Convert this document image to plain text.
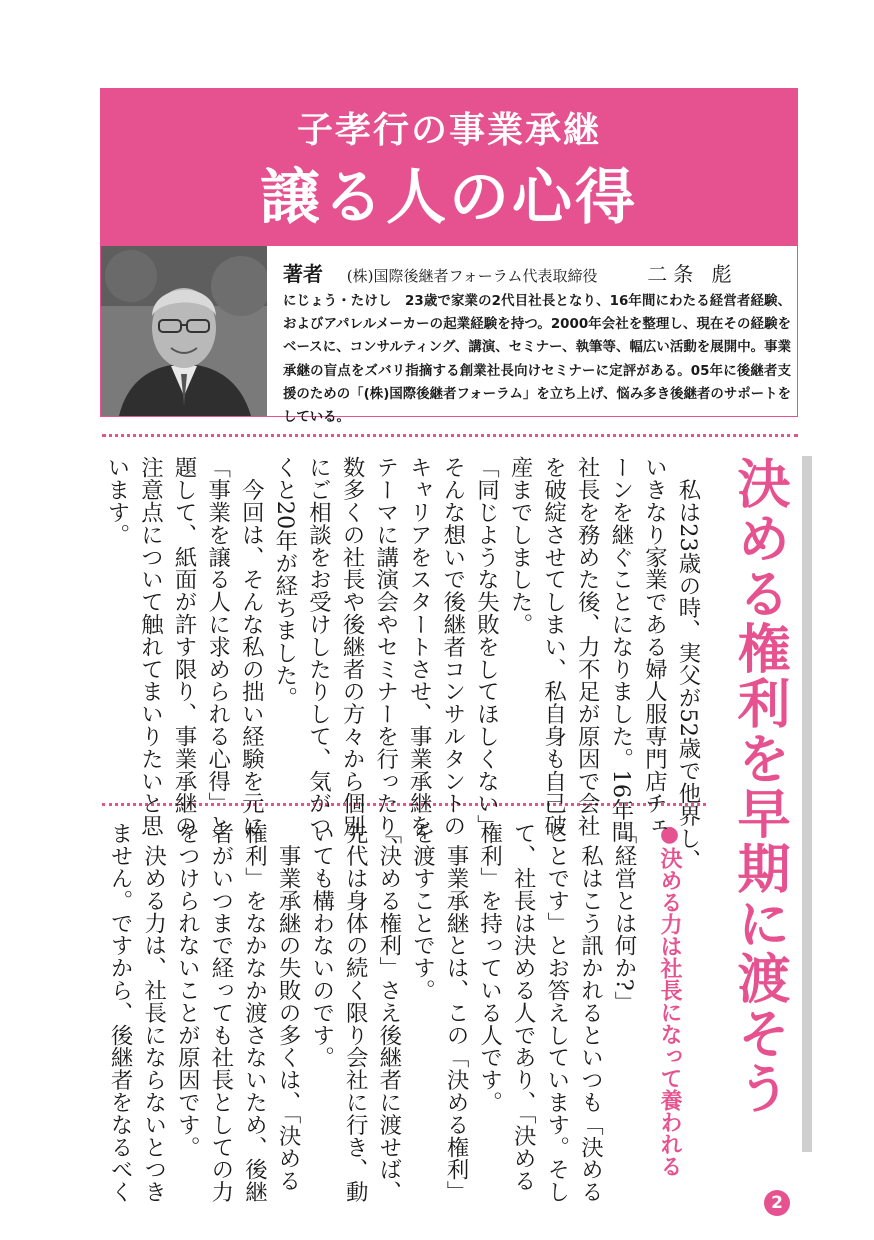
子孝行の事業承継
譲る人の心得
著者 (株)国際後継者フォーラム代表取締役 二条 彪
にじょう・たけし　23歳で家業の2代目社長となり、16年間にわたる経営者経験、およびアパレルメーカーの起業経験を持つ。2000年会社を整理し、現在その経験をベースに、コンサルティング、講演、セミナー、執筆等、幅広い活動を展開中。事業承継の盲点をズバリ指摘する創業社長向けセミナーに定評がある。05年に後継者支援のための「(株)国際後継者フォーラム」を立ち上げ、悩み多き後継者のサポートをしている。
決める権利を早期に渡そう
●決める力は社長になって養われる

　私は23歳の時、実父が52歳で他界し、

いきなり家業である婦人服専門店チェ

ーンを継ぐことになりました。16年間

社長を務めた後、力不足が原因で会社

を破綻させてしまい、私自身も自己破

産までしました。

「同じような失敗をしてほしくない」

そんな想いで後継者コンサルタントの

キャリアをスタートさせ、事業承継を

テーマに講演会やセミナーを行ったり、

数多くの社長や後継者の方々から個別

にご相談をお受けしたりして、気がつ

くと20年が経ちました。

　今回は、そんな私の拙い経験を元に

「事業を譲る人に求められる心得」と

題して、紙面が許す限り、事業承継の

注意点について触れてまいりたいと思

います。

「経営とは何か?」

　私はこう訊かれるといつも「決める

ことです」とお答えしています。そし

て、社長は決める人であり、「決める

権利」を持っている人です。

　事業承継とは、この「決める権利」

を渡すことです。

「決める権利」さえ後継者に渡せば、

先代は身体の続く限り会社に行き、動

いても構わないのです。

　事業承継の失敗の多くは、「決める

権利」をなかなか渡さないため、後継

者がいつまで経っても社長としての力

をつけられないことが原因です。

　決める力は、社長にならないとつき

ません。ですから、後継者をなるべく

2
